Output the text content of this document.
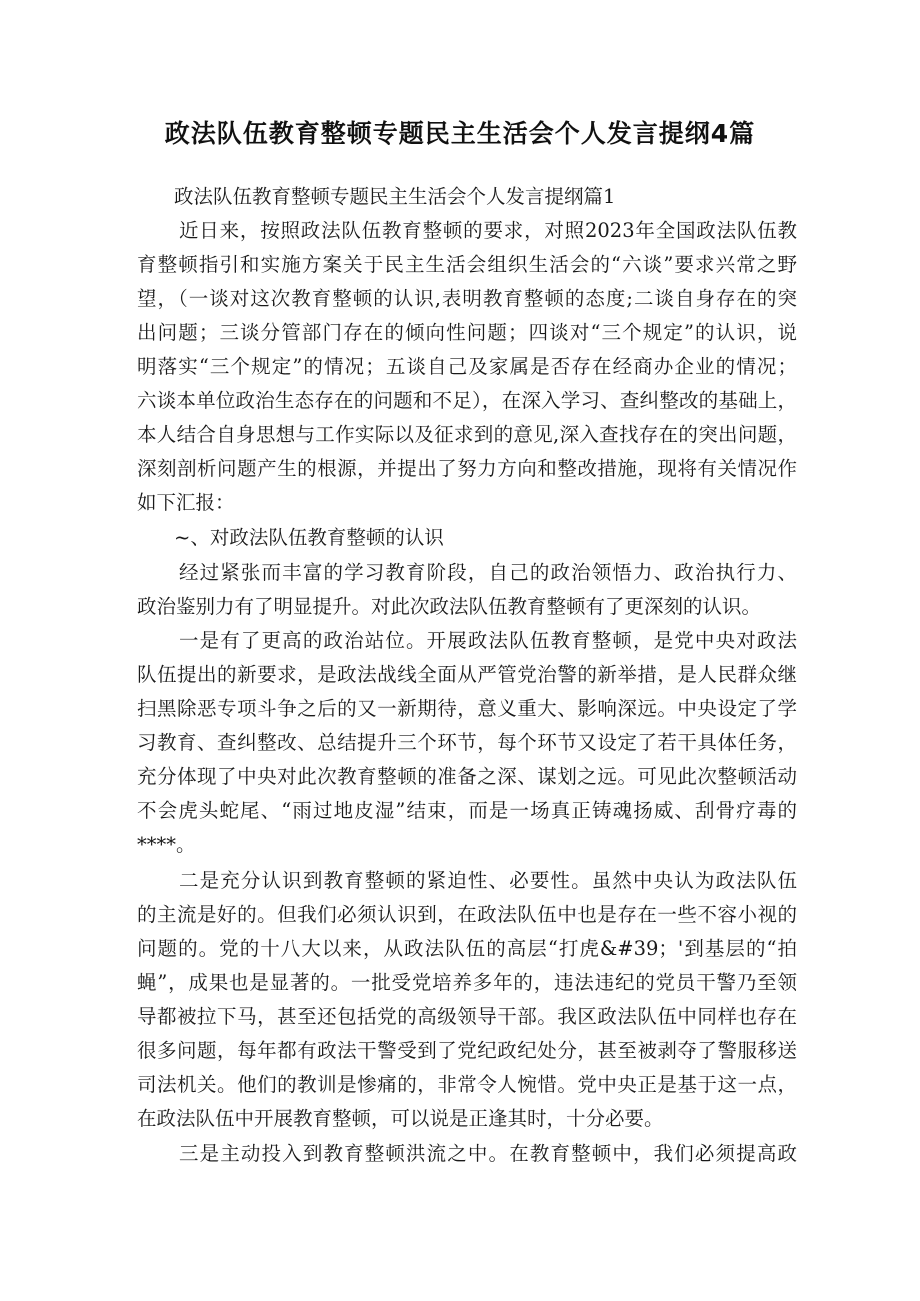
政法队伍教育整顿专题民主生活会个人发言提纲4篇
政法队伍教育整顿专题民主生活会个人发言提纲篇1
近日来，按照政法队伍教育整顿的要求，对照2023年全国政法队伍教
育整顿指引和实施方案关于民主生活会组织生活会的“六谈”要求兴常之野
望，（一谈对这次教育整顿的认识,表明教育整顿的态度;二谈自身存在的突
出问题；三谈分管部门存在的倾向性问题；四谈对“三个规定”的认识，说
明落实“三个规定”的情况；五谈自己及家属是否存在经商办企业的情况；
六谈本单位政治生态存在的问题和不足），在深入学习、查纠整改的基础上，
本人结合自身思想与工作实际以及征求到的意见,深入查找存在的突出问题，
深刻剖析问题产生的根源，并提出了努力方向和整改措施，现将有关情况作
如下汇报：
~、对政法队伍教育整顿的认识
经过紧张而丰富的学习教育阶段，自己的政治领悟力、政治执行力、
政治鉴别力有了明显提升。对此次政法队伍教育整顿有了更深刻的认识。
一是有了更高的政治站位。开展政法队伍教育整顿，是党中央对政法
队伍提出的新要求，是政法战线全面从严管党治警的新举措，是人民群众继
扫黑除恶专项斗争之后的又一新期待，意义重大、影响深远。中央设定了学
习教育、查纠整改、总结提升三个环节，每个环节又设定了若干具体任务，
充分体现了中央对此次教育整顿的准备之深、谋划之远。可见此次整顿活动
不会虎头蛇尾、“雨过地皮湿”结束，而是一场真正铸魂扬威、刮骨疗毒的
****。
二是充分认识到教育整顿的紧迫性、必要性。虽然中央认为政法队伍
的主流是好的。但我们必须认识到，在政法队伍中也是存在一些不容小视的
问题的。党的十八大以来，从政法队伍的高层“打虎&#39；'到基层的“拍
蝇”，成果也是显著的。一批受党培养多年的，违法违纪的党员干警乃至领
导都被拉下马，甚至还包括党的高级领导干部。我区政法队伍中同样也存在
很多问题，每年都有政法干警受到了党纪政纪处分，甚至被剥夺了警服移送
司法机关。他们的教训是惨痛的，非常令人惋惜。党中央正是基于这一点，
在政法队伍中开展教育整顿，可以说是正逢其时，十分必要。
三是主动投入到教育整顿洪流之中。在教育整顿中，我们必须提高政
